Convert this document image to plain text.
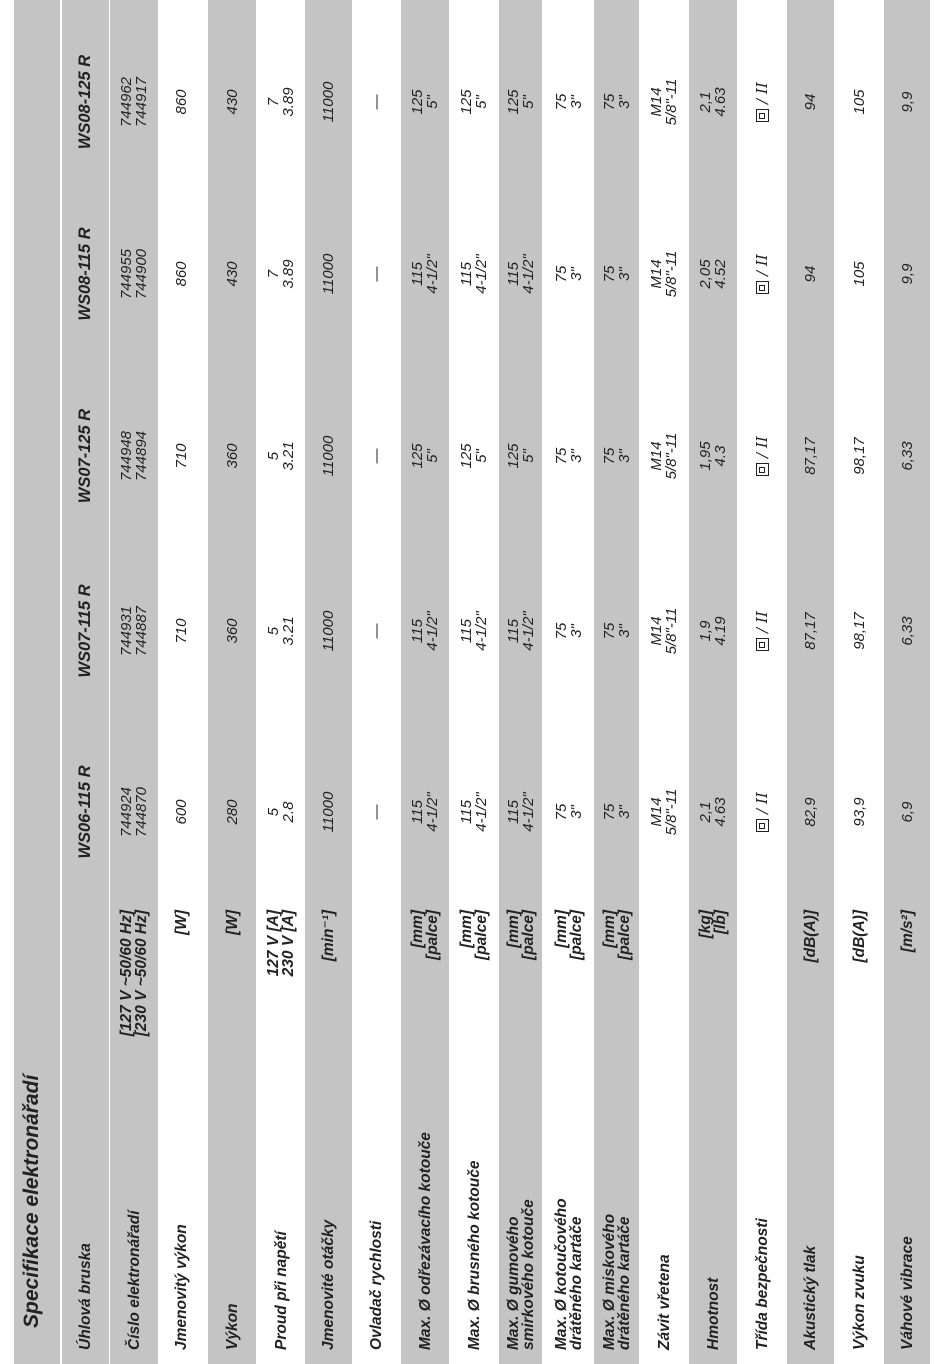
Specifikace elektronářadí Úhlová bruska
WS06-115 R
WS07-115 R
WS07-125 R
WS08-115 R
WS08-125 R
Číslo elektronářadí
[127 V ~50/60 Hz]
[230 V ~50/60 Hz]
744924
744870
744931
744887
744948
744894
744955
744900
744962
744917
Jmenovitý výkon
[W]
600
710
710
860
860
Výkon
[W]
280
360
360
430
430
Proud při napětí
127 V [A]
230 V [A]
5
2.8
5
3.21
5
3.21
7
3.89
7
3.89
Jmenovité otáčky
[min⁻¹]
11000
11000
11000
11000
11000
Ovladač rychlosti
—
—
—
—
—
Max. Ø odřezávacího kotouče
[mm]
[palce]
115
4-1/2"
115
4-1/2"
125
5"
115
4-1/2"
125
5"
Max. Ø brusného kotouče
[mm]
[palce]
115
4-1/2"
115
4-1/2"
125
5"
115
4-1/2"
125
5"
Max. Ø gumového
smirkového kotouče
[mm]
[palce]
115
4-1/2"
115
4-1/2"
125
5"
115
4-1/2"
125
5"
Max. Ø kotoučového
drátěného kartáče
[mm]
[palce]
75
3"
75
3"
75
3"
75
3"
75
3"
Max. Ø miskového
drátěného kartáče
[mm]
[palce]
75
3"
75
3"
75
3"
75
3"
75
3"
Závit vřetena
M14
5/8"-11
M14
5/8"-11
M14
5/8"-11
M14
5/8"-11
M14
5/8"-11
Hmotnost
[kg]
[lb]
2,1
4.63
1,9
4.19
1,95
4.3
2,05
4.52
2,1
4.63
Třída bezpečnosti
/ II
/ II
/ II
/ II
/ II
Akustický tlak
[dB(A)]
82,9
87,17
87,17
94
94
Výkon zvuku
[dB(A)]
93,9
98,17
98,17
105
105
Váhové vibrace
[m/s²]
6,9
6,33
6,33
9,9
9,9
